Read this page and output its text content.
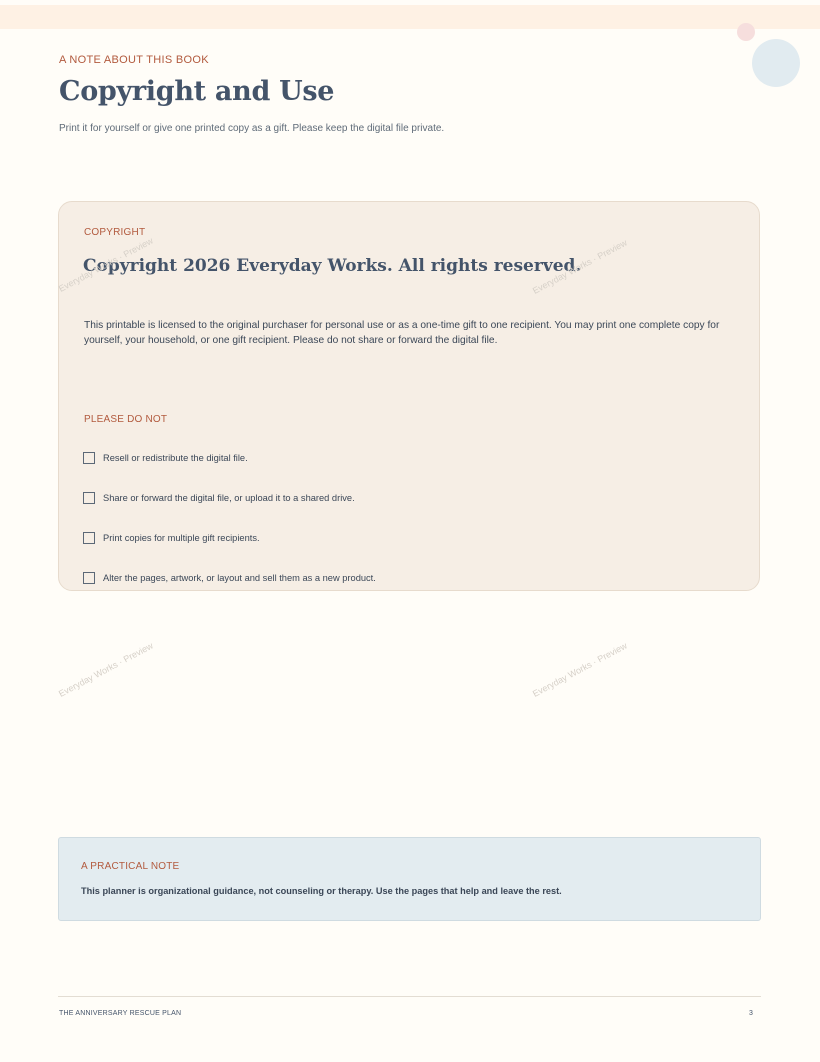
A NOTE ABOUT THIS BOOK
Copyright and Use
Print it for yourself or give one printed copy as a gift. Please keep the digital file private.
COPYRIGHT
Copyright 2026 Everyday Works. All rights reserved.

This printable is licensed to the original purchaser for personal use or as a one-time gift to one recipient. You may print one complete copy for yourself, your household, or one gift recipient. Please do not share or forward the digital file.

PLEASE DO NOT
Resell or redistribute the digital file.
Share or forward the digital file, or upload it to a shared drive.
Print copies for multiple gift recipients.
Alter the pages, artwork, or layout and sell them as a new product.
A PRACTICAL NOTE
This planner is organizational guidance, not counseling or therapy. Use the pages that help and leave the rest.
THE ANNIVERSARY RESCUE PLAN	3
Everyday Works · Preview	Everyday Works · Preview
Everyday Works · Preview	Everyday Works · Preview
